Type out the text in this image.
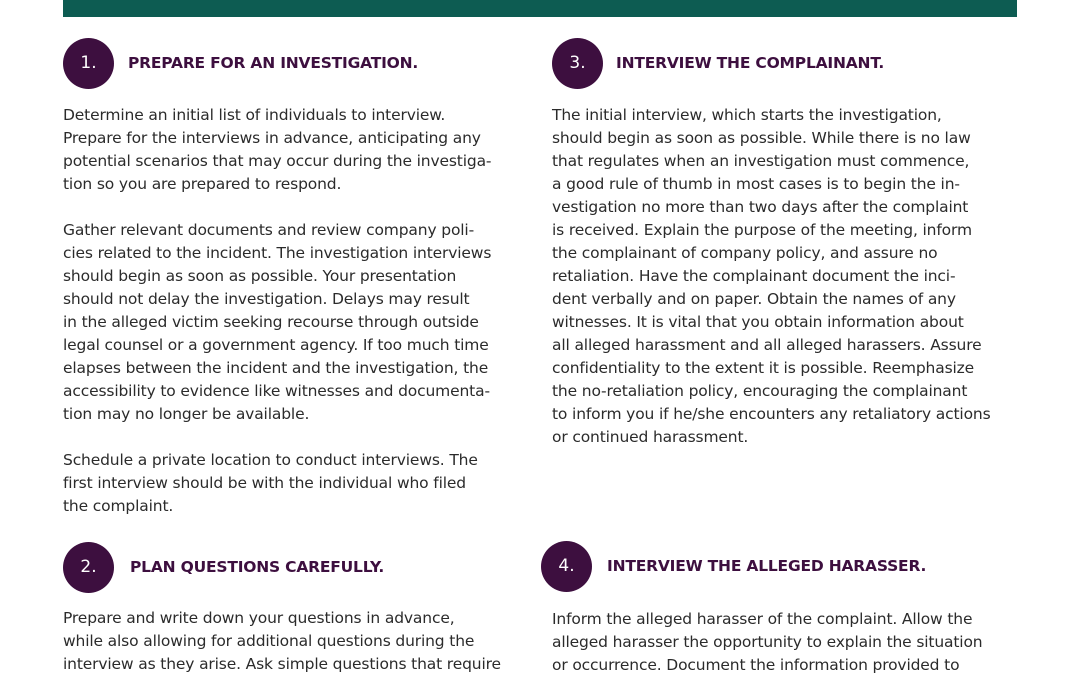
1.	PREPARE FOR AN INVESTIGATION.

Determine an initial list of individuals to interview.
Prepare for the interviews in advance, anticipating any
potential scenarios that may occur during the investiga-
tion so you are prepared to respond.

Gather relevant documents and review company poli-
cies related to the incident. The investigation interviews
should begin as soon as possible. Your presentation
should not delay the investigation. Delays may result
in the alleged victim seeking recourse through outside
legal counsel or a government agency. If too much time
elapses between the incident and the investigation, the
accessibility to evidence like witnesses and documenta-
tion may no longer be available.

Schedule a private location to conduct interviews. The
first interview should be with the individual who filed
the complaint.

2.	PLAN QUESTIONS CAREFULLY.

Prepare and write down your questions in advance,
while also allowing for additional questions during the
interview as they arise. Ask simple questions that require

3.	INTERVIEW THE COMPLAINANT.

The initial interview, which starts the investigation,
should begin as soon as possible. While there is no law
that regulates when an investigation must commence,
a good rule of thumb in most cases is to begin the in-
vestigation no more than two days after the complaint
is received. Explain the purpose of the meeting, inform
the complainant of company policy, and assure no
retaliation. Have the complainant document the inci-
dent verbally and on paper. Obtain the names of any
witnesses. It is vital that you obtain information about
all alleged harassment and all alleged harassers. Assure
confidentiality to the extent it is possible. Reemphasize
the no-retaliation policy, encouraging the complainant
to inform you if he/she encounters any retaliatory actions
or continued harassment.

4.	INTERVIEW THE ALLEGED HARASSER.

Inform the alleged harasser of the complaint. Allow the
alleged harasser the opportunity to explain the situation
or occurrence. Document the information provided to
